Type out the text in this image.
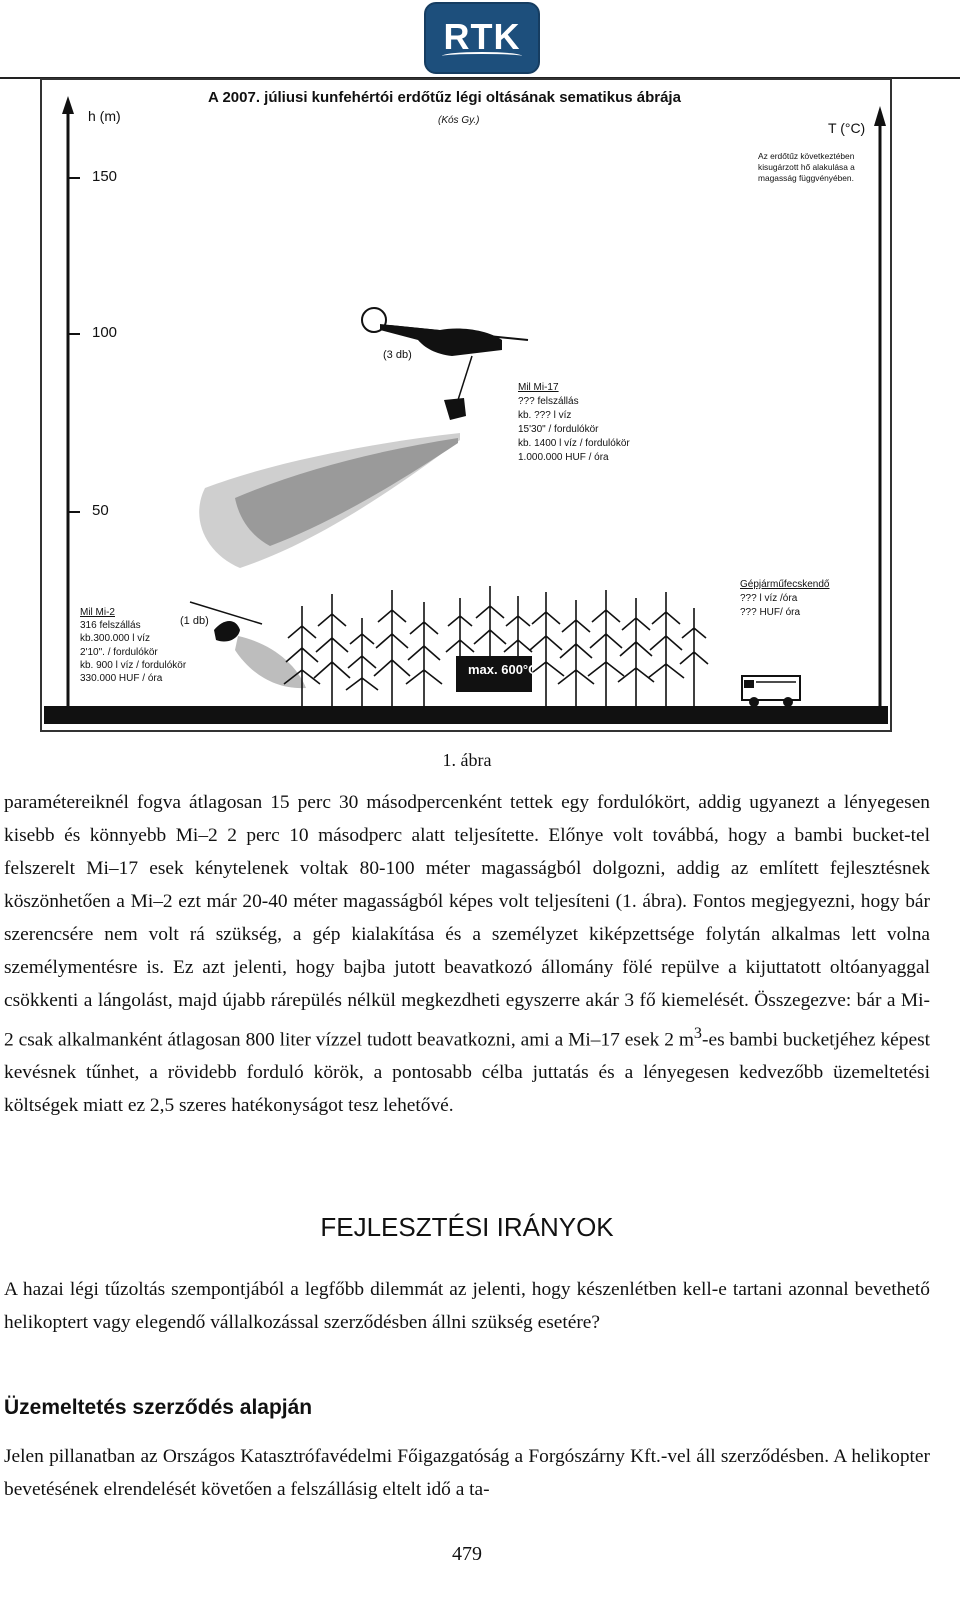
RTK
A 2007. júliusi kunfehértói erdőtűz légi oltásának sematikus ábrája
(Kós Gy.)
h (m)
T (°C)
150
100
50
Az erdőtűz következtében kisugárzott hő alakulása a magasság függvényében.
(3 db)
Mil Mi-17
??? felszállás
kb. ??? l víz
15'30" / fordulókör
kb. 1400 l víz / fordulókör
1.000.000 HUF / óra
(1 db)
Mil Mi-2
316 felszállás
kb.300.000 l víz
2'10". / fordulókör
kb. 900 l víz / fordulókör
330.000 HUF / óra
max. 600°C
Gépjárműfecskendő
??? l víz /óra
??? HUF/ óra
1. ábra

paramétereiknél fogva átlagosan 15 perc 30 másodpercenként tettek egy fordulókört, addig ugyanezt a lényegesen kisebb és könnyebb Mi–2 2 perc 10 másodperc alatt teljesítette. Előnye volt továbbá, hogy a bambi bucket-tel felszerelt Mi–17 esek kénytelenek voltak 80-100 méter magasságból dolgozni, addig az említett fejlesztésnek köszönhetően a Mi–2 ezt már 20-40 méter magasságból képes volt teljesíteni (1. ábra). Fontos megjegyezni, hogy bár szerencsére nem volt rá szükség, a gép kialakítása és a személyzet kiképzettsége folytán alkalmas lett volna személymentésre is. Ez azt jelenti, hogy bajba jutott beavatkozó állomány fölé repülve a kijuttatott oltóanyaggal csökkenti a lángolást, majd újabb rárepülés nélkül megkezdheti egyszerre akár 3 fő kiemelését. Összegezve: bár a Mi-2 csak alkalmanként átlagosan 800 liter vízzel tudott beavatkozni, ami a Mi–17 esek 2 $m^3-es$ bambi bucketjéhez képest kevésnek tűnhet, a rövidebb forduló körök, a pontosabb célba juttatás és a lényegesen kedvezőbb üzemeltetési költségek miatt ez 2,5 szeres hatékonyságot tesz lehetővé.

FEJLESZTÉSI IRÁNYOK

A hazai légi tűzoltás szempontjából a legfőbb dilemmát az jelenti, hogy készenlétben kell-e tartani azonnal bevethető helikoptert vagy elegendő vállalkozással szerződésben állni szükség esetére?

Üzemeltetés szerződés alapján

Jelen pillanatban az Országos Katasztrófavédelmi Főigazgatóság a Forgószárny Kft.-vel áll szerződésben. A helikopter bevetésének elrendelését követően a felszállásig eltelt idő a ta-

479
